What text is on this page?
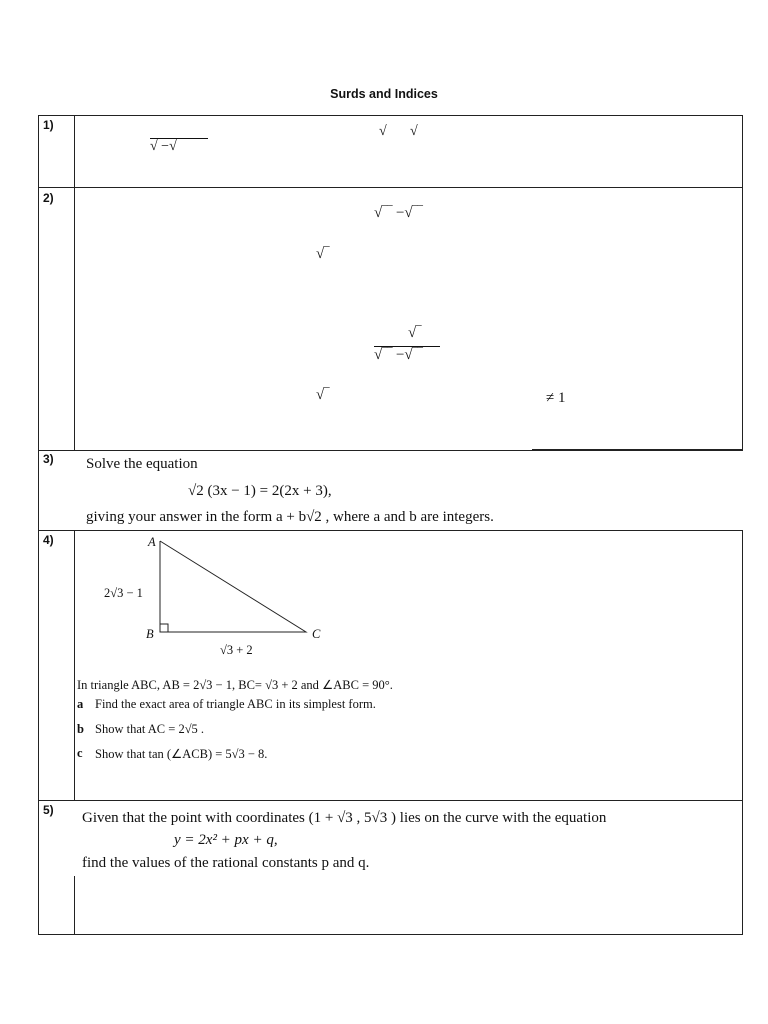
Surds and Indices
1)
√ −√
√ √
2)
√‾‾ −√‾‾
√‾
√‾
√‾‾ −√‾‾
√‾	≠ 1
3) Solve the equation
√2 (3x − 1) = 2(2x + 3),
giving your answer in the form a + b√2 , where a and b are integers.
4)	A
B	C
2√3 − 1
√3 + 2
In triangle ABC, AB = 2√3 − 1, BC= √3 + 2 and ∠ABC = 90°.
a Find the exact area of triangle ABC in its simplest form.
b Show that AC = 2√5 .
c Show that tan (∠ACB) = 5√3 − 8.
5) Given that the point with coordinates (1 + √3 , 5√3 ) lies on the curve with the equation
y = 2x² + px + q,
find the values of the rational constants p and q.
